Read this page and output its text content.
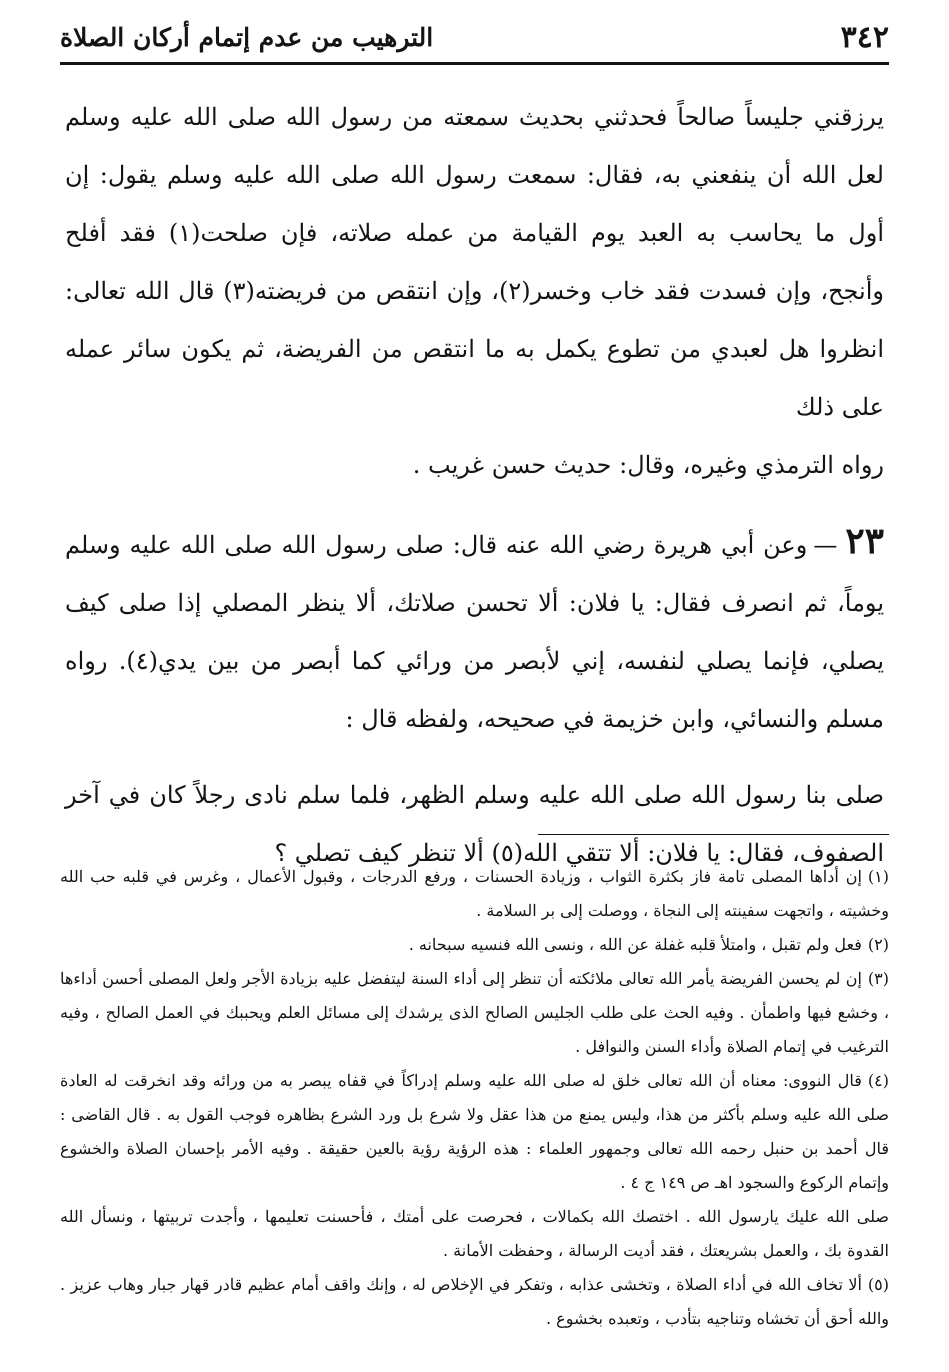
٣٤٢
الترهيب من عدم إتمام أركان الصلاة

يرزقني جليساً صالحاً فحدثني بحديث سمعته من رسول الله صلى الله عليه وسلم لعل الله أن ينفعني به، فقال: سمعت رسول الله صلى الله عليه وسلم يقول: إن أول ما يحاسب به العبد يوم القيامة من عمله صلاته، فإن صلحت(١) فقد أفلح وأنجح، وإن فسدت فقد خاب وخسر(٢)، وإن انتقص من فريضته(٣) قال الله تعالى: انظروا هل لعبدي من تطوع يكمل به ما انتقص من الفريضة، ثم يكون سائر عمله على ذلك

رواه الترمذي وغيره، وقال: حديث حسن غريب .

٢٣—وعن أبي هريرة رضي الله عنه قال: صلى رسول الله صلى الله عليه وسلم يوماً، ثم انصرف فقال: يا فلان: ألا تحسن صلاتك، ألا ينظر المصلي إذا صلى كيف يصلي، فإنما يصلي لنفسه، إني لأبصر من ورائي كما أبصر من بين يدي(٤). رواه مسلم والنسائي، وابن خزيمة في صحيحه، ولفظه قال :

صلى بنا رسول الله صلى الله عليه وسلم الظهر، فلما سلم نادى رجلاً كان في آخر الصفوف، فقال: يا فلان: ألا تتقي الله(٥) ألا تنظر كيف تصلي ؟

(١)إن أداها المصلى تامة فاز بكثرة الثواب ، وزيادة الحسنات ، ورفع الدرجات ، وقبول الأعمال ، وغرس في قلبه حب الله وخشيته ، واتجهت سفينته إلى النجاة ، ووصلت إلى بر السلامة .

(٢)فعل ولم تقبل ، وامتلأ قلبه غفلة عن الله ، ونسى الله فنسيه سبحانه .

(٣)إن لم يحسن الفريضة يأمر الله تعالى ملائكته أن تنظر إلى أداء السنة ليتفضل عليه بزيادة الأجر ولعل المصلى أحسن أداءها ، وخشع فيها واطمأن . وفيه الحث على طلب الجليس الصالح الذى يرشدك إلى مسائل العلم ويحببك في العمل الصالح ، وفيه الترغيب في إتمام الصلاة وأداء السنن والنوافل .

(٤)قال النووى: معناه أن الله تعالى خلق له صلى الله عليه وسلم إدراكاً في قفاه يبصر به من ورائه وقد انخرقت له العادة صلى الله عليه وسلم بأكثر من هذا، وليس يمنع من هذا عقل ولا شرع بل ورد الشرع بظاهره فوجب القول به . قال القاضى : قال أحمد بن حنبل رحمه الله تعالى وجمهور العلماء : هذه الرؤية رؤية بالعين حقيقة . وفيه الأمر بإحسان الصلاة والخشوع وإتمام الركوع والسجود اهـ ص ١٤٩ ج ٤ .

صلى الله عليك يارسول الله . اختصك الله بكمالات ، فحرصت على أمتك ، فأحسنت تعليمها ، وأجدت تربيتها ، ونسأل الله القدوة بك ، والعمل بشريعتك ، فقد أديت الرسالة ، وحفظت الأمانة .

(٥)ألا تخاف الله في أداء الصلاة ، وتخشى عذابه ، وتفكر في الإخلاص له ، وإنك واقف أمام عظيم قادر قهار جبار وهاب عزيز . والله أحق أن تخشاه وتناجيه بتأدب ، وتعبده بخشوع .
